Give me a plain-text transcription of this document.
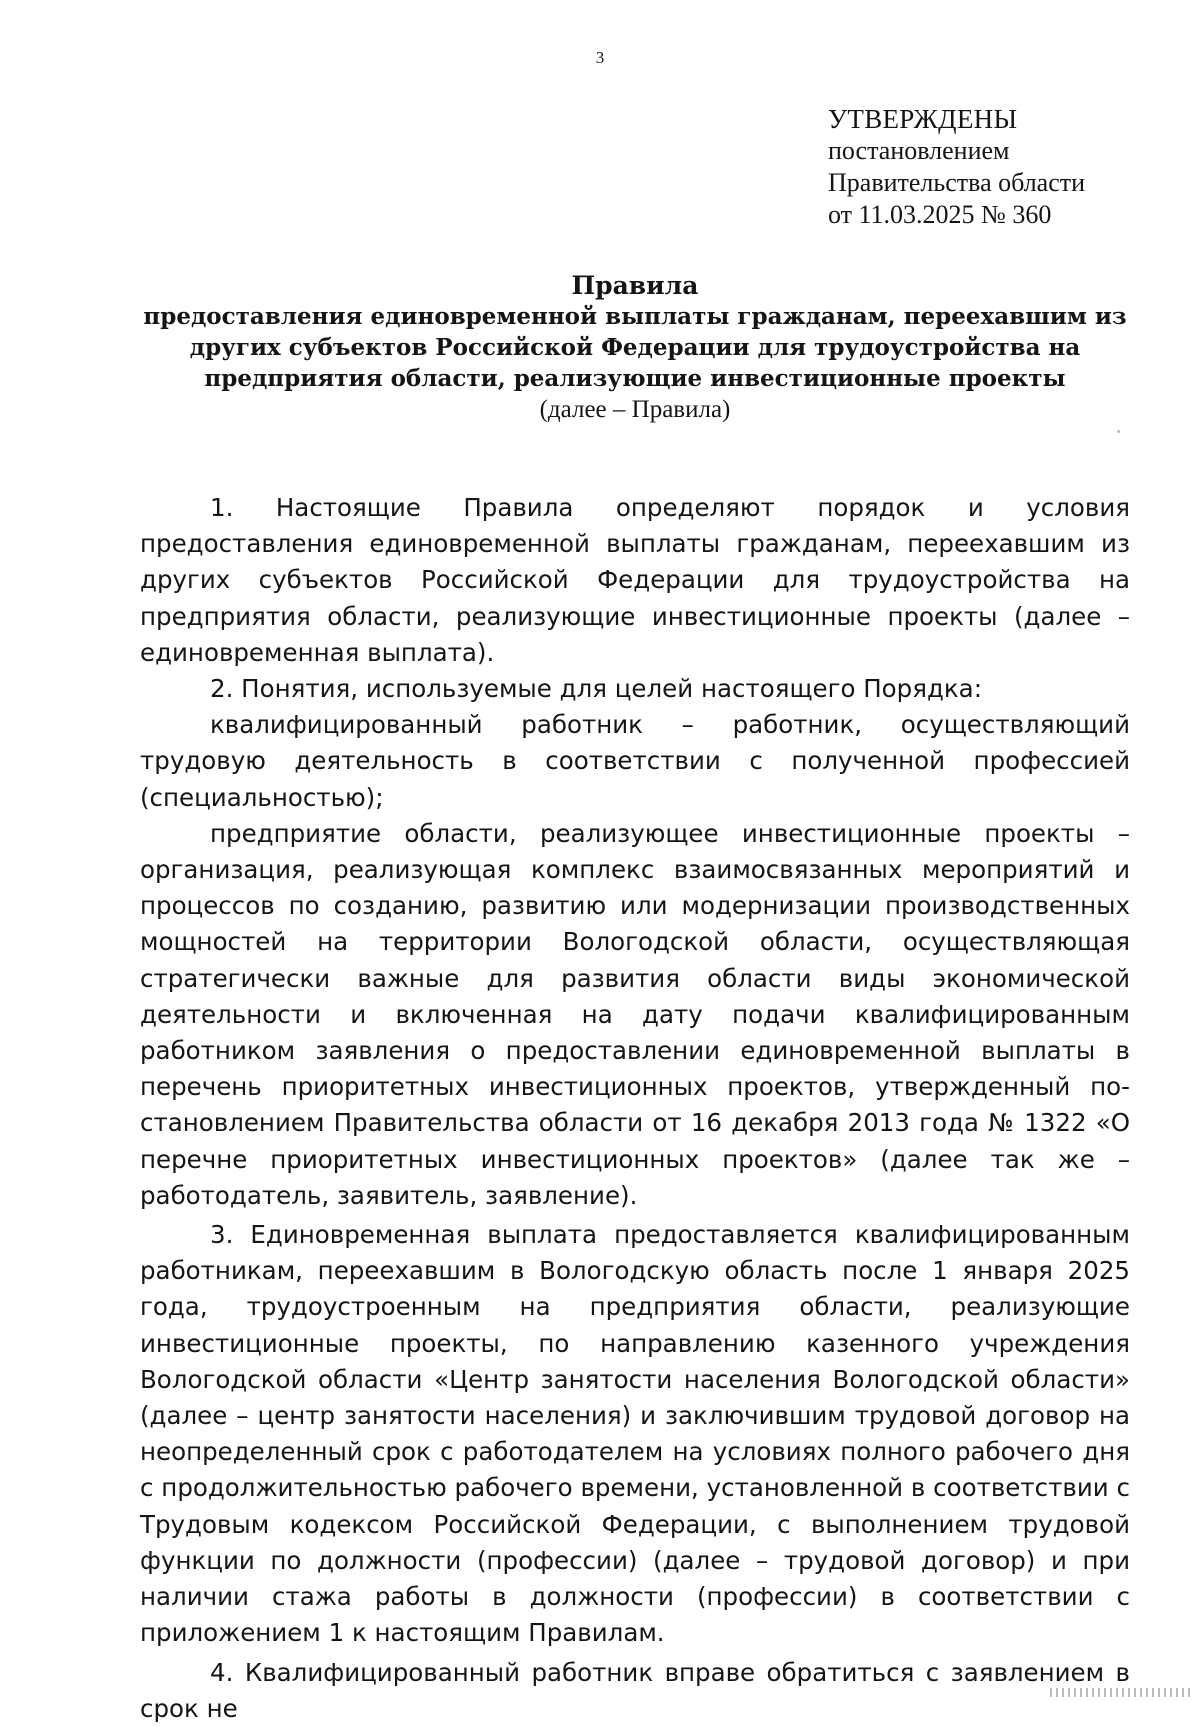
3
УТВЕРЖДЕНЫ
постановлением
Правительства области
от 11.03.2025 № 360
Правила
предоставления единовременной выплаты гражданам, переехавшим из
других субъектов Российской Федерации для трудоустройства на
предприятия области, реализующие инвестиционные проекты
(далее – Правила)

1. Настоящие Правила определяют порядок и условия предоставления единовременной выплаты гражданам, переехавшим из других субъектов Российской Федерации для трудоустройства на предприятия области, реализующие инвестиционные проекты (далее – единовременная выплата).

2. Понятия, используемые для целей настоящего Порядка:

квалифицированный работник – работник, осуществляющий трудовую деятельность в соответствии с полученной профессией (специальностью);

предприятие области, реализующее инвестиционные проекты – организация, реализующая комплекс взаимосвязанных мероприятий и процессов по созданию, развитию или модернизации производственных мощностей на территории Вологодской области, осуществляющая стратегически важные для развития области виды экономической деятельности и включенная на дату подачи квалифицированным работником заявления о предоставлении единовременной выплаты в перечень приоритетных инвестиционных проектов, утвержденный постановлением Правительства области от 16 декабря 2013 года № 1322 «О перечне приоритетных инвестиционных проектов» (далее так же – работодатель, заявитель, заявление).

3. Единовременная выплата предоставляется квалифицированным работникам, переехавшим в Вологодскую область после 1 января 2025 года, трудоустроенным на предприятия области, реализующие инвестиционные проекты, по направлению казенного учреждения Вологодской области «Центр занятости населения Вологодской области» (далее – центр занятости населения) и заключившим трудовой договор на неопределенный срок с работодателем на условиях полного рабочего дня с продолжительностью рабочего времени, установленной в соответствии с Трудовым кодексом Российской Федерации, с выполнением трудовой функции по должности (профессии) (далее – трудовой договор) и при наличии стажа работы в должности (профессии) в соответствии с приложением 1 к настоящим Правилам.

4. Квалифицированный работник вправе обратиться с заявлением в срок не
